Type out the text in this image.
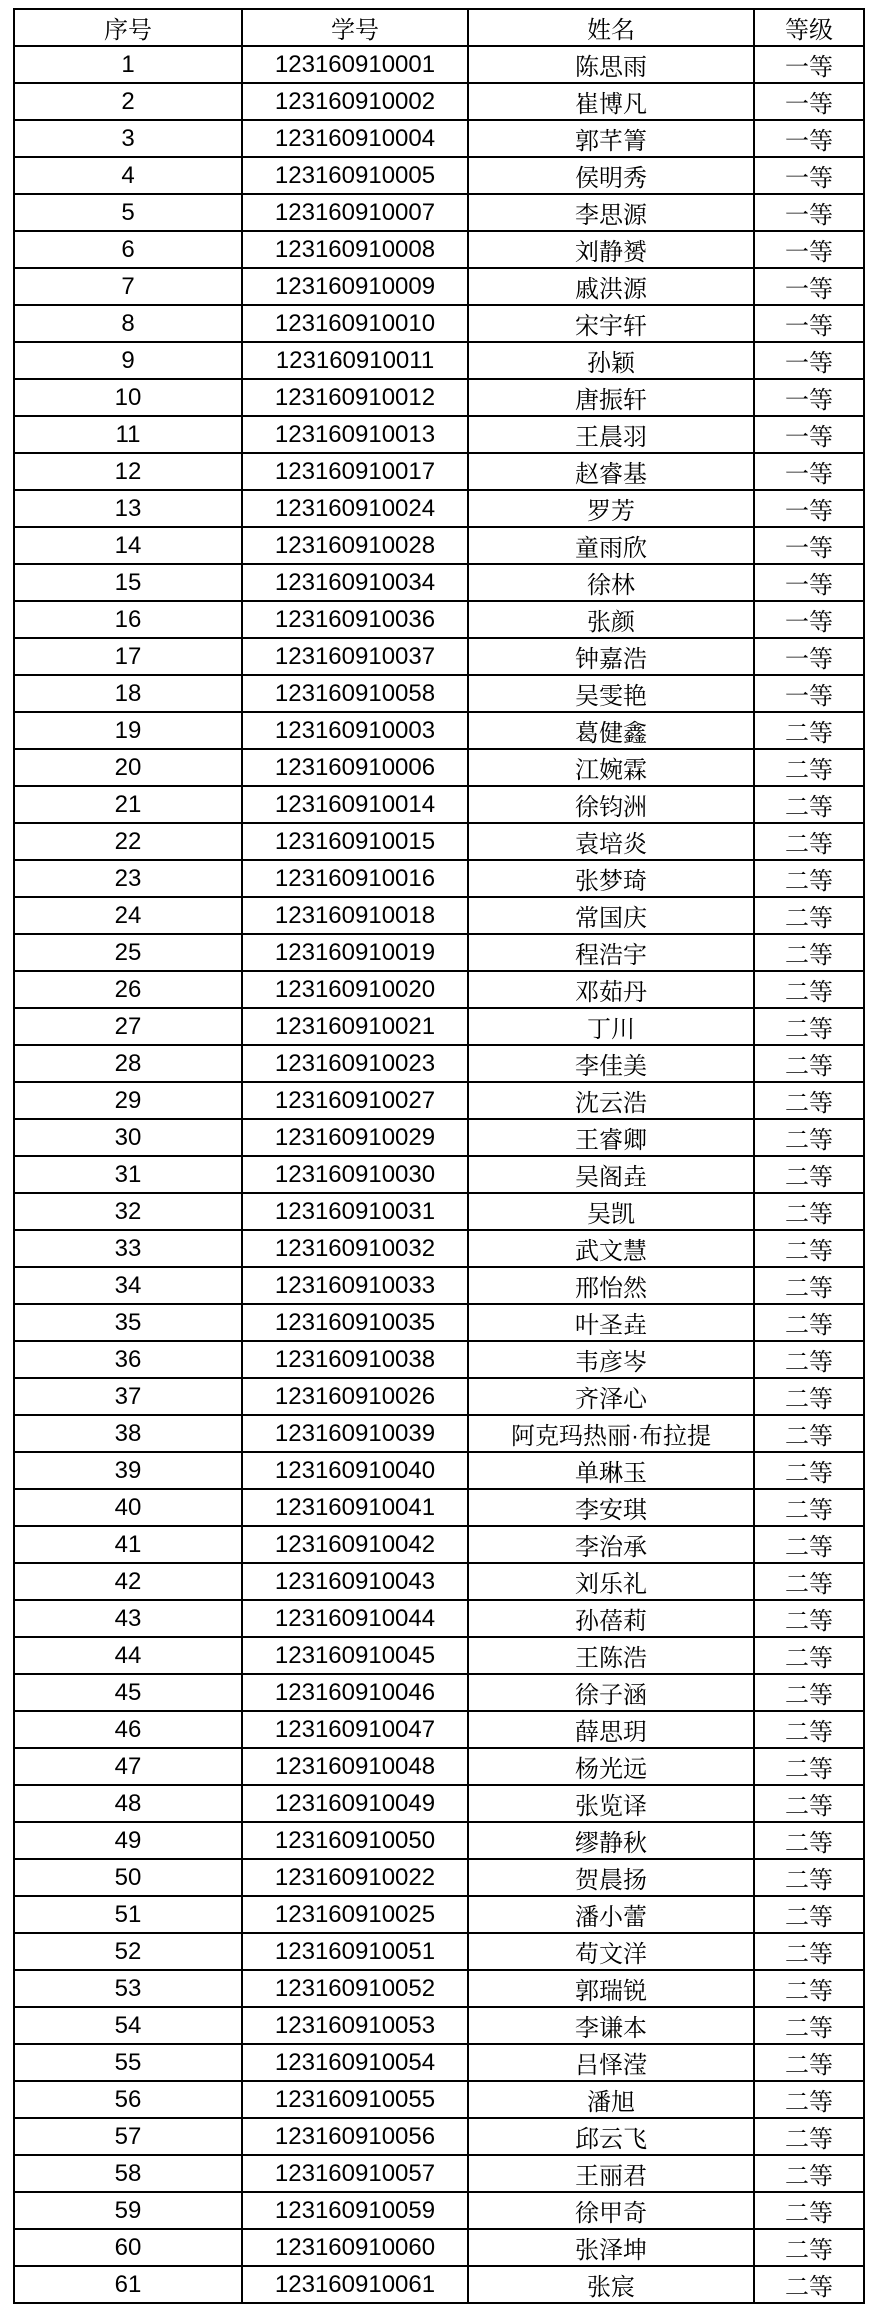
序号	学号	姓名	等级
1	123160910001	陈思雨	一等
2	123160910002	崔博凡	一等
3	123160910004	郭芊箐	一等
4	123160910005	侯明秀	一等
5	123160910007	李思源	一等
6	123160910008	刘静赟	一等
7	123160910009	戚洪源	一等
8	123160910010	宋宇轩	一等
9	123160910011	孙颖	一等
10	123160910012	唐振轩	一等
11	123160910013	王晨羽	一等
12	123160910017	赵睿基	一等
13	123160910024	罗芳	一等
14	123160910028	童雨欣	一等
15	123160910034	徐林	一等
16	123160910036	张颜	一等
17	123160910037	钟嘉浩	一等
18	123160910058	吴雯艳	一等
19	123160910003	葛健鑫	二等
20	123160910006	江婉霖	二等
21	123160910014	徐钧洲	二等
22	123160910015	袁培炎	二等
23	123160910016	张梦琦	二等
24	123160910018	常国庆	二等
25	123160910019	程浩宇	二等
26	123160910020	邓茹丹	二等
27	123160910021	丁川	二等
28	123160910023	李佳美	二等
29	123160910027	沈云浩	二等
30	123160910029	王睿卿	二等
31	123160910030	吴阁垚	二等
32	123160910031	吴凯	二等
33	123160910032	武文慧	二等
34	123160910033	邢怡然	二等
35	123160910035	叶圣垚	二等
36	123160910038	韦彦岑	二等
37	123160910026	齐泽心	二等
38	123160910039	阿克玛热丽·布拉提	二等
39	123160910040	单琳玉	二等
40	123160910041	李安琪	二等
41	123160910042	李治承	二等
42	123160910043	刘乐礼	二等
43	123160910044	孙蓓莉	二等
44	123160910045	王陈浩	二等
45	123160910046	徐子涵	二等
46	123160910047	薛思玥	二等
47	123160910048	杨光远	二等
48	123160910049	张览译	二等
49	123160910050	缪静秋	二等
50	123160910022	贺晨扬	二等
51	123160910025	潘小蕾	二等
52	123160910051	苟文洋	二等
53	123160910052	郭瑞锐	二等
54	123160910053	李谦本	二等
55	123160910054	吕怿滢	二等
56	123160910055	潘旭	二等
57	123160910056	邱云飞	二等
58	123160910057	王丽君	二等
59	123160910059	徐甲奇	二等
60	123160910060	张泽坤	二等
61	123160910061	张宸	二等
